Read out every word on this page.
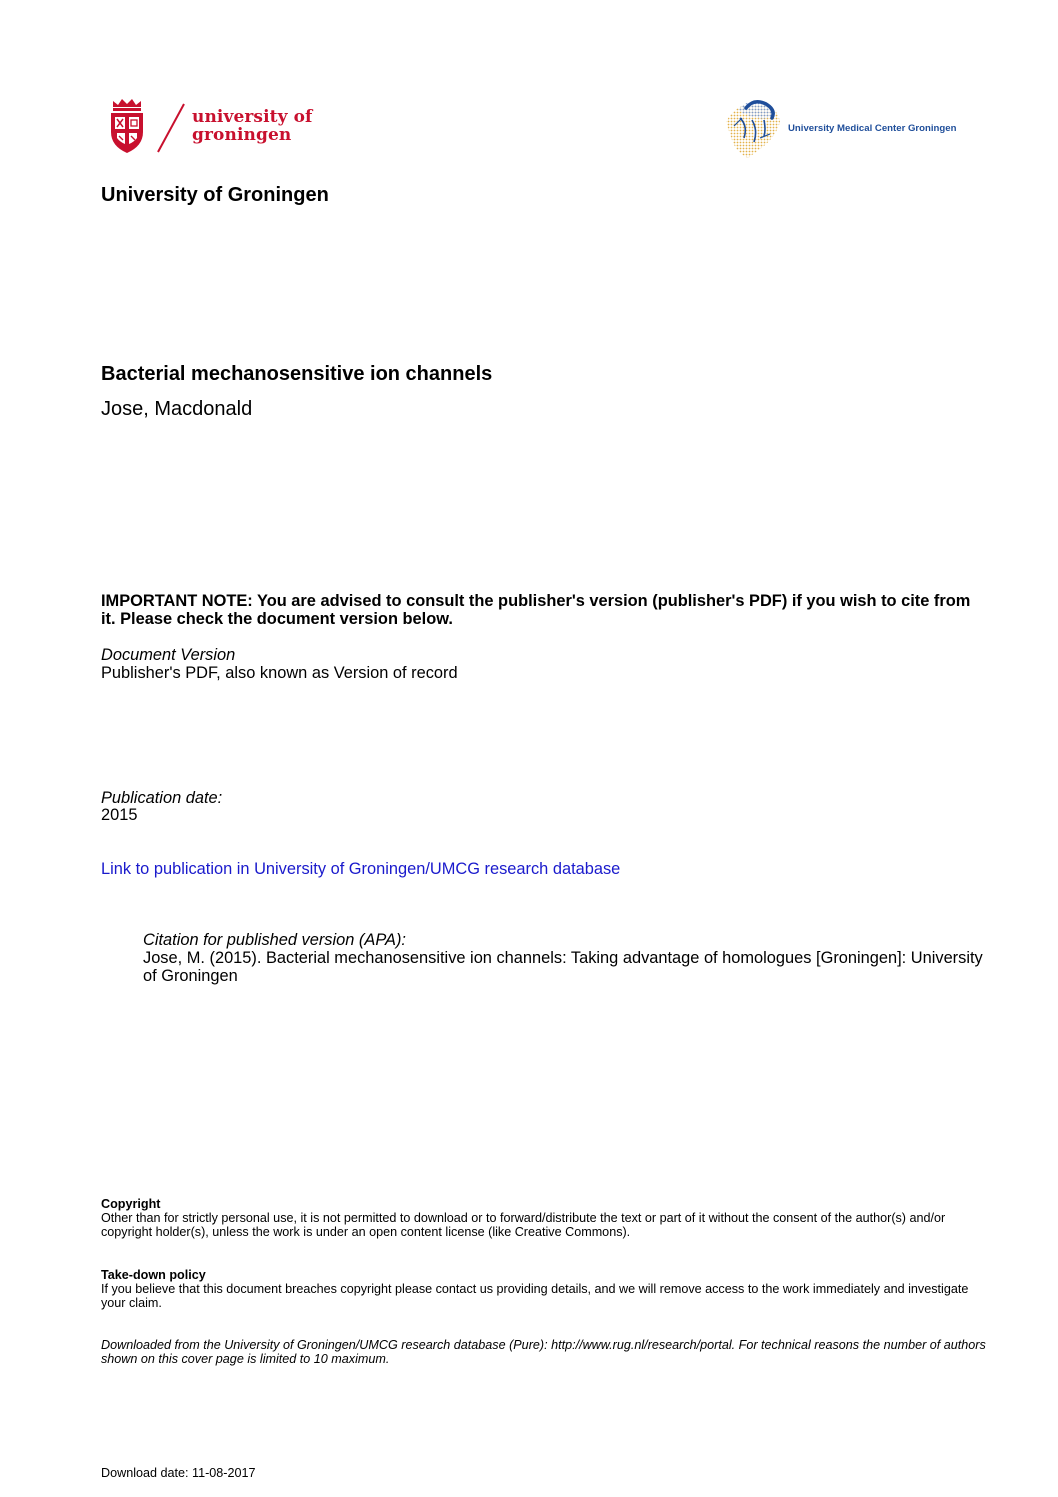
university of
groningen	University Medical Center Groningen
University of Groningen
Bacterial mechanosensitive ion channels
Jose, Macdonald
IMPORTANT NOTE: You are advised to consult the publisher's version (publisher's PDF) if you wish to cite from it. Please check the document version below.
Document Version
Publisher's PDF, also known as Version of record
Publication date:
2015
Link to publication in University of Groningen/UMCG research database
Citation for published version (APA):
Jose, M. (2015). Bacterial mechanosensitive ion channels: Taking advantage of homologues [Groningen]: University of Groningen
Copyright
Other than for strictly personal use, it is not permitted to download or to forward/distribute the text or part of it without the consent of the author(s) and/or copyright holder(s), unless the work is under an open content license (like Creative Commons).
Take-down policy
If you believe that this document breaches copyright please contact us providing details, and we will remove access to the work immediately and investigate your claim.
Downloaded from the University of Groningen/UMCG research database (Pure): http://www.rug.nl/research/portal. For technical reasons the number of authors shown on this cover page is limited to 10 maximum.
Download date: 11-08-2017
